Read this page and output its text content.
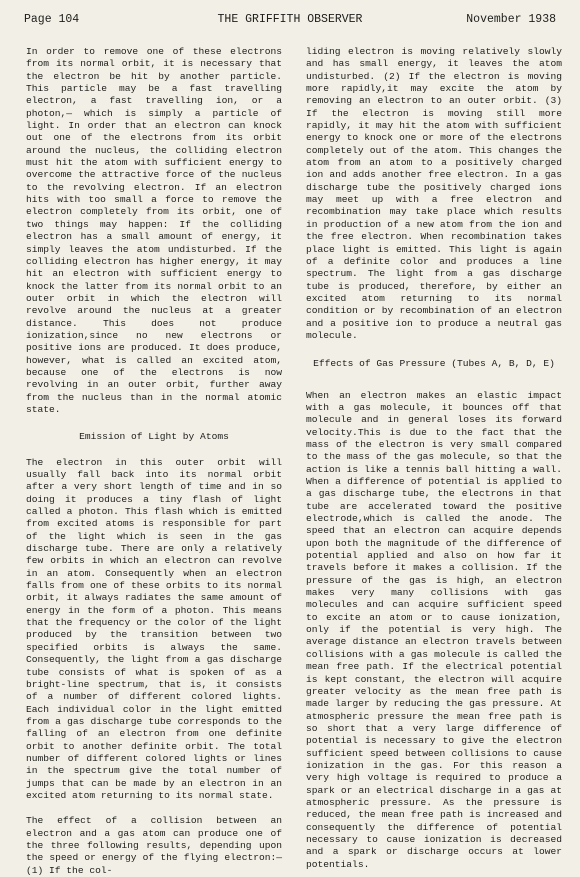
Page 104	THE GRIFFITH OBSERVER	November 1938

In order to remove one of these electrons from its normal orbit, it is necessary that the electron be hit by another particle. This particle may be a fast travelling electron, a fast travelling ion, or a photon,— which is simply a particle of light. In order that an electron can knock out one of the electrons from its orbit around the nucleus, the colliding electron must hit the atom with sufficient energy to overcome the attractive force of the nucleus to the revolving electron. If an electron hits with too small a force to remove the electron completely from its orbit, one of two things may happen: If the colliding electron has a small amount of energy, it simply leaves the atom undisturbed. If the colliding electron has higher energy, it may hit an electron with sufficient energy to knock the latter from its normal orbit to an outer orbit in which the electron will revolve around the nucleus at a greater distance. This does not produce ionization,since no new electrons or positive ions are produced. It does produce, however, what is called an excited atom, because one of the electrons is now revolving in an outer orbit, further away from the nucleus than in the normal atomic state.

Emission of Light by Atoms

The electron in this outer orbit will usually fall back into its normal orbit after a very short length of time and in so doing it produces a tiny flash of light called a photon. This flash which is emitted from excited atoms is responsible for part of the light which is seen in the gas discharge tube. There are only a relatively few orbits in which an electron can revolve in an atom. Consequently when an electron falls from one of these orbits to its normal orbit, it always radiates the same amount of energy in the form of a photon. This means that the frequency or the color of the light produced by the transition between two specified orbits is always the same. Consequently, the light from a gas discharge tube consists of what is spoken of as a bright-line spectrum, that is, it consists of a number of different colored lights. Each individual color in the light emitted from a gas discharge tube corresponds to the falling of an electron from one definite orbit to another definite orbit. The total number of different colored lights or lines in the spectrum give the total number of jumps that can be made by an electron in an excited atom returning to its normal state.

The effect of a collision between an electron and a gas atom can produce one of the three following results, depending upon the speed or energy of the flying electron:—(1) If the col-

liding electron is moving relatively slowly and has small energy, it leaves the atom undisturbed. (2) If the electron is moving more rapidly,it may excite the atom by removing an electron to an outer orbit. (3) If the electron is moving still more rapidly, it may hit the atom with sufficient energy to knock one or more of the electrons completely out of the atom. This changes the atom from an atom to a positively charged ion and adds another free electron. In a gas discharge tube the positively charged ions may meet up with a free electron and recombination may take place which results in production of a new atom from the ion and the free electron. When recombination takes place light is emitted. This light is again of a definite color and produces a line spectrum. The light from a gas discharge tube is produced, therefore, by either an excited atom returning to its normal condition or by recombination of an electron and a positive ion to produce a neutral gas molecule.

Effects of Gas Pressure (Tubes A, B, D, E)

When an electron makes an elastic impact with a gas molecule, it bounces off that molecule and in general loses its forward velocity.This is due to the fact that the mass of the electron is very small compared to the mass of the gas molecule, so that the action is like a tennis ball hitting a wall. When a difference of potential is applied to a gas discharge tube, the electrons in that tube are accelerated toward the positive electrode,which is called the anode. The speed that an electron can acquire depends upon both the magnitude of the difference of potential applied and also on how far it travels before it makes a collision. If the pressure of the gas is high, an electron makes very many collisions with gas molecules and can acquire sufficient speed to excite an atom or to cause ionization, only if the potential is very high. The average distance an electron travels between collisions with a gas molecule is called the mean free path. If the electrical potential is kept constant, the electron will acquire greater velocity as the mean free path is made larger by reducing the gas pressure. At atmospheric pressure the mean free path is so short that a very large difference of potential is necessary to give the electron sufficient speed between collisions to cause ionization in the gas. For this reason a very high voltage is required to produce a spark or an electrical discharge in a gas at atmospheric pressure. As the pressure is reduced, the mean free path is increased and consequently the difference of potential necessary to cause ionization is decreased and a spark or discharge occurs at lower potentials.
